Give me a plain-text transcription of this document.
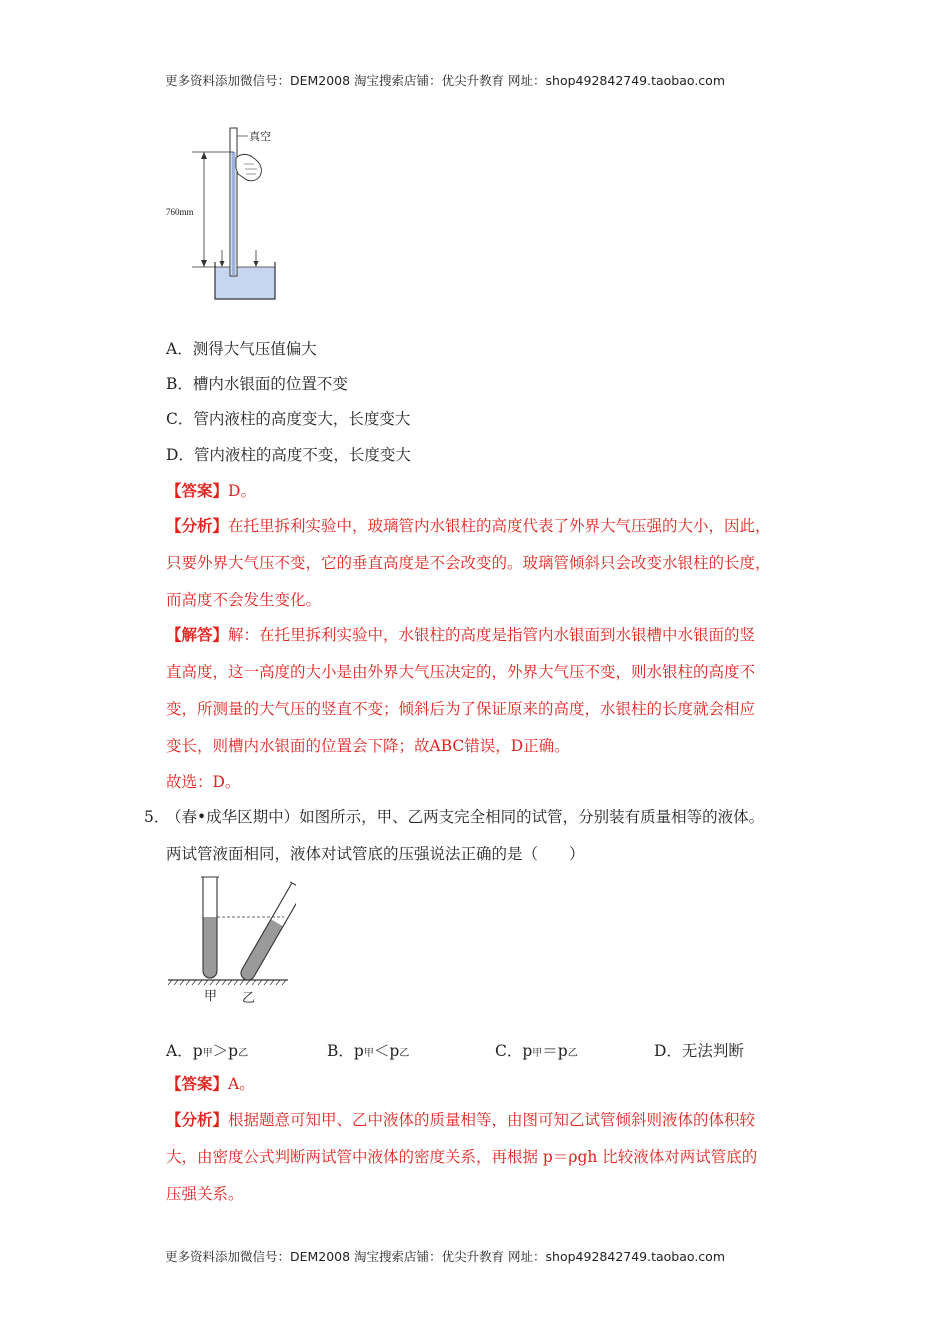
更多资料添加微信号：DEM2008 淘宝搜索店铺：优尖升教育 网址：shop492842749.taobao.com
真空
760mm
A．测得大气压值偏大
B．槽内水银面的位置不变
C．管内液柱的高度变大，长度变大
D．管内液柱的高度不变，长度变大
【答案】D。
【分析】在托里拆利实验中，玻璃管内水银柱的高度代表了外界大气压强的大小，因此，
只要外界大气压不变，它的垂直高度是不会改变的。玻璃管倾斜只会改变水银柱的长度，
而高度不会发生变化。
【解答】解：在托里拆利实验中，水银柱的高度是指管内水银面到水银槽中水银面的竖
直高度，这一高度的大小是由外界大气压决定的，外界大气压不变，则水银柱的高度不
变，所测量的大气压的竖直不变；倾斜后为了保证原来的高度，水银柱的长度就会相应
变长，则槽内水银面的位置会下降；故ABC错误，D正确。
故选：D。
5．
（春•成华区期中）如图所示，甲、乙两支完全相同的试管，分别装有质量相等的液体。
两试管液面相同，液体对试管底的压强说法正确的是（　　）
甲 乙
A．p甲＞p乙	B．p甲＜p乙	C．p甲＝p乙	D．无法判断
【答案】A。
【分析】根据题意可知甲、乙中液体的质量相等，由图可知乙试管倾斜则液体的体积较
大，由密度公式判断两试管中液体的密度关系，再根据 p＝ρgh 比较液体对两试管底的
压强关系。
更多资料添加微信号：DEM2008 淘宝搜索店铺：优尖升教育 网址：shop492842749.taobao.com
